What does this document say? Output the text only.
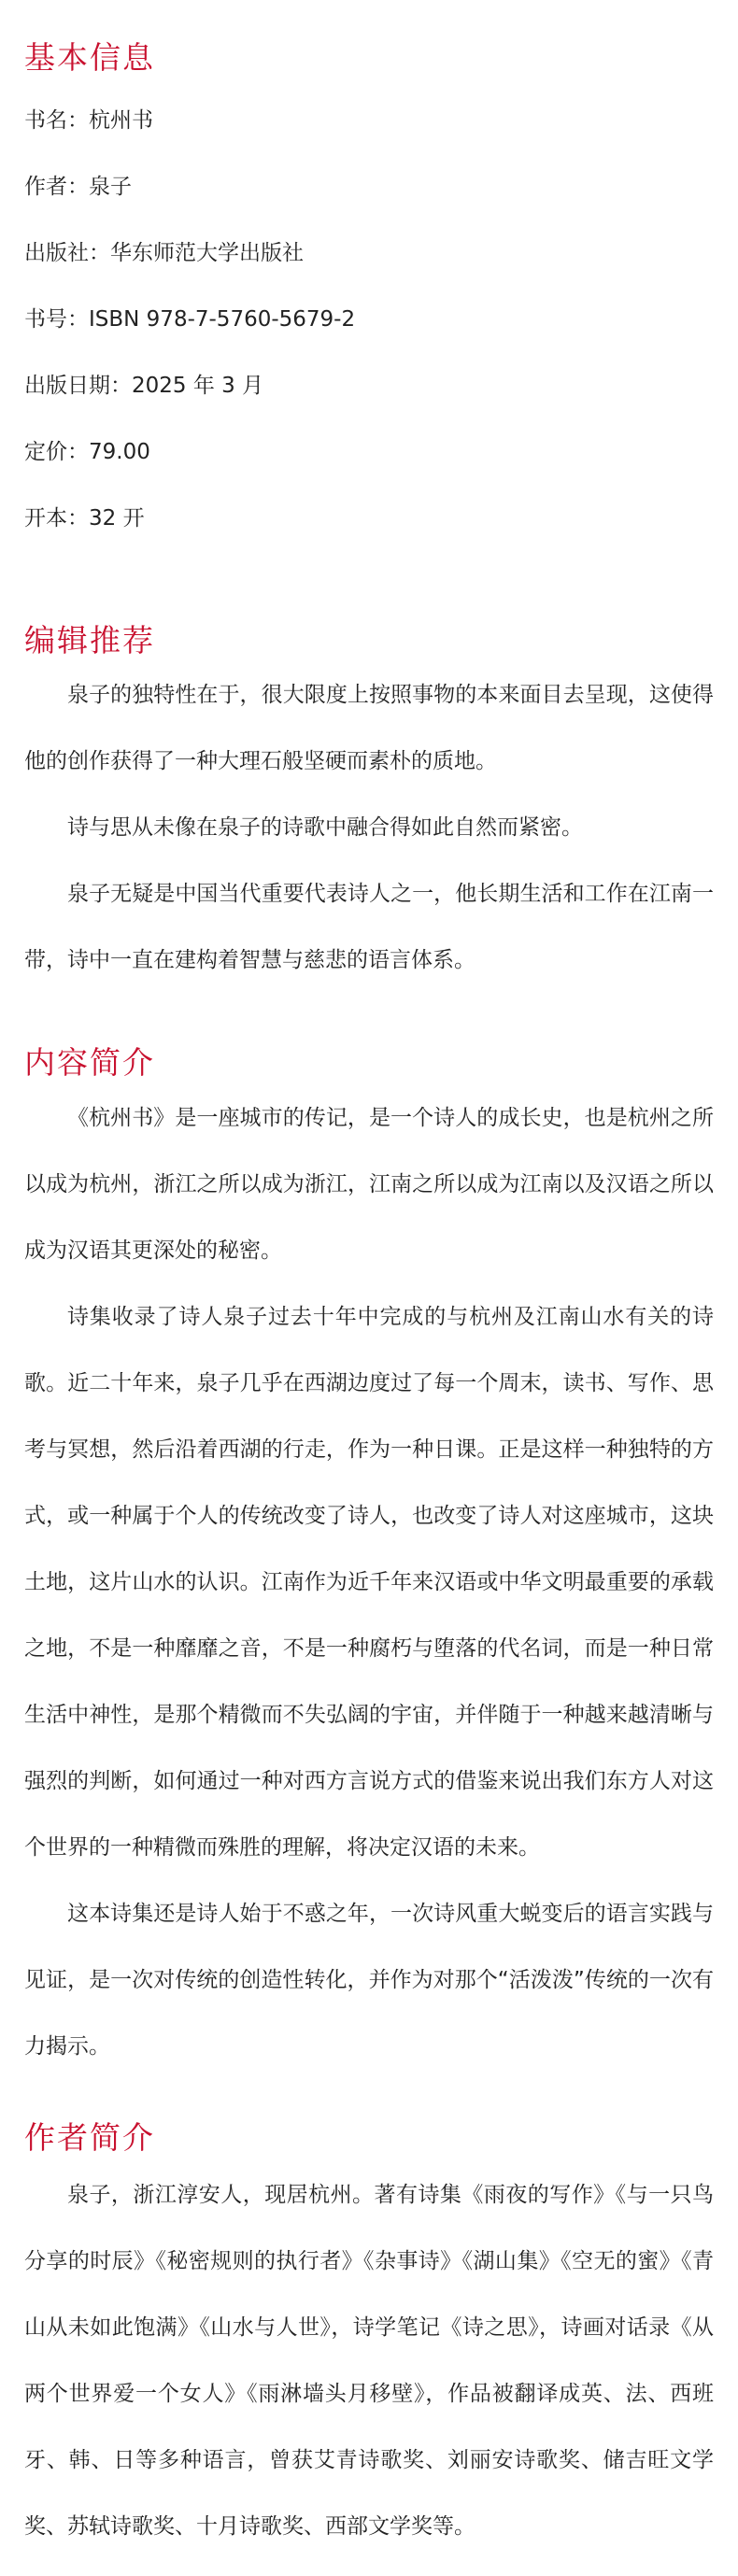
基本信息
书名：杭州书
作者：泉子
出版社：华东师范大学出版社
书号：ISBN 978-7-5760-5679-2
出版日期：2025 年 3 月
定价：79.00
开本：32 开
编辑推荐

泉子的独特性在于，很大限度上按照事物的本来面目去呈现，这使得他的创作获得了一种大理石般坚硬而素朴的质地。

诗与思从未像在泉子的诗歌中融合得如此自然而紧密。

泉子无疑是中国当代重要代表诗人之一，他长期生活和工作在江南一带，诗中一直在建构着智慧与慈悲的语言体系。

内容简介

《杭州书》是一座城市的传记，是一个诗人的成长史，也是杭州之所以成为杭州，浙江之所以成为浙江，江南之所以成为江南以及汉语之所以成为汉语其更深处的秘密。

诗集收录了诗人泉子过去十年中完成的与杭州及江南山水有关的诗歌。近二十年来，泉子几乎在西湖边度过了每一个周末，读书、写作、思考与冥想，然后沿着西湖的行走，作为一种日课。正是这样一种独特的方式，或一种属于个人的传统改变了诗人，也改变了诗人对这座城市，这块土地，这片山水的认识。江南作为近千年来汉语或中华文明最重要的承载之地，不是一种靡靡之音，不是一种腐朽与堕落的代名词，而是一种日常生活中神性，是那个精微而不失弘阔的宇宙，并伴随于一种越来越清晰与强烈的判断，如何通过一种对西方言说方式的借鉴来说出我们东方人对这个世界的一种精微而殊胜的理解，将决定汉语的未来。

这本诗集还是诗人始于不惑之年，一次诗风重大蜕变后的语言实践与见证，是一次对传统的创造性转化，并作为对那个“活泼泼”传统的一次有力揭示。

作者简介

泉子，浙江淳安人，现居杭州。著有诗集《雨夜的写作》《与一只鸟分享的时辰》《秘密规则的执行者》《杂事诗》《湖山集》《空无的蜜》《青山从未如此饱满》《山水与人世》，诗学笔记《诗之思》，诗画对话录《从两个世界爱一个女人》《雨淋墙头月移壁》，作品被翻译成英、法、西班牙、韩、日等多种语言，曾获艾青诗歌奖、刘丽安诗歌奖、储吉旺文学奖、苏轼诗歌奖、十月诗歌奖、西部文学奖等。
